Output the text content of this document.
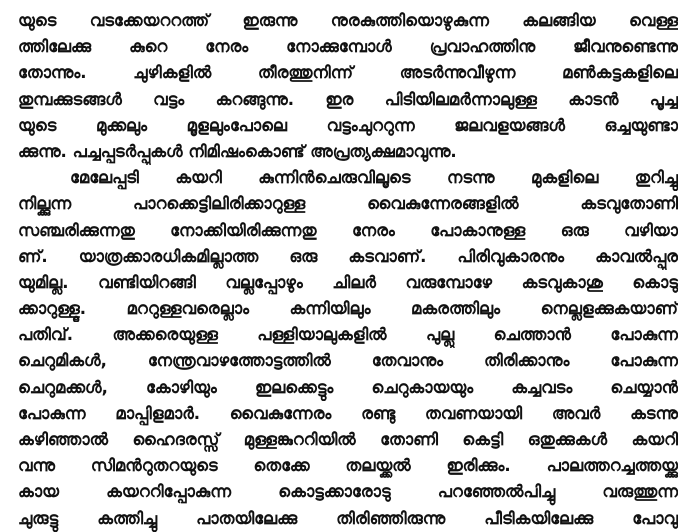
യുടെ വടക്കേയററത്ത് ഇരുന്നു നുരകുത്തിയൊഴുകുന്ന കലങ്ങിയ വെള്ള
ത്തിലേക്കു കുറെ നേരം നോക്കുമ്പോൾ പ്രവാഹത്തിനു ജീവനുണ്ടെന്നു
തോന്നും. ചുഴികളിൽ തീരത്തുനിന്ന് അടർന്നുവീഴുന്ന മൺകട്ടകളിലെ
തുമ്പക്കുടങ്ങൾ വട്ടം കറങ്ങുന്നു. ഇര പിടിയിലമർന്നാലുള്ള കാടൻ പൂച്ച
യുടെ മുക്കലും മൂളലുംപോലെ വട്ടംചുററുന്ന ജലവളയങ്ങൾ ഒച്ചയുണ്ടാ
ക്കുന്നു. പച്ചപ്പടർപ്പുകൾ നിമിഷംകൊണ്ട് അപ്രത്യക്ഷമാവുന്നു.
മേലേപ്പടി കയറി കുന്നിൻചെരുവിലൂടെ നടന്നു മുകളിലെ തുറിച്ചു
നില്ക്കുന്ന പാറക്കെട്ടിലിരിക്കാറുള്ള വൈകുന്നേരങ്ങളിൽ കടവുതോണി
സഞ്ചരിക്കുന്നതു നോക്കിയിരിക്കുന്നതു നേരം പോകാനുള്ള ഒരു വഴിയാ
ണ്. യാത്രക്കാരധികമില്ലാത്ത ഒരു കടവാണ്. പിരിവുകാരനും കാവൽപ്പുര
യുമില്ല. വണ്ടിയിറങ്ങി വല്ലപ്പോഴും ചിലർ വരുമ്പോഴേ കടവുകാശു കൊടു
ക്കാറുള്ളൂ. മററുള്ളവരെല്ലാം കന്നിയിലും മകരത്തിലും നെല്ലളക്കുകയാണ്
പതിവ്. അക്കരെയുള്ള പള്ളിയാലുകളിൽ പുല്ലു ചെത്താൻ പോകുന്ന
ചെറുമികൾ, നേന്ത്രവാഴത്തോട്ടത്തിൽ തേവാനും തിരിക്കാനും പോകുന്ന
ചെറുമക്കൾ, കോഴിയും ഇലക്കെട്ടും ചെറുകായയും കച്ചവടം ചെയ്യാൻ
പോകുന്ന മാപ്പിളമാർ. വൈകുന്നേരം രണ്ടു തവണയായി അവർ കടന്നു
കഴിഞ്ഞാൽ ഹൈദരസ്സ് മുള്ളങ്കുററിയിൽ തോണി കെട്ടി ഒതുക്കുകൾ കയറി
വന്നു സിമൻറുതറയുടെ തെക്കേ തലയ്ക്കൽ ഇരിക്കും. പാലത്തറച്ചത്തയ്ക്കു
കായ കയററിപ്പോകുന്ന കൊട്ടക്കാരോടു പറഞ്ഞേൽപിച്ചു വരുത്തുന്ന
ചുരുട്ടു കത്തിച്ചു പാതയിലേക്കു തിരിഞ്ഞിരുന്നു പീടികയിലേക്കു പോവു
